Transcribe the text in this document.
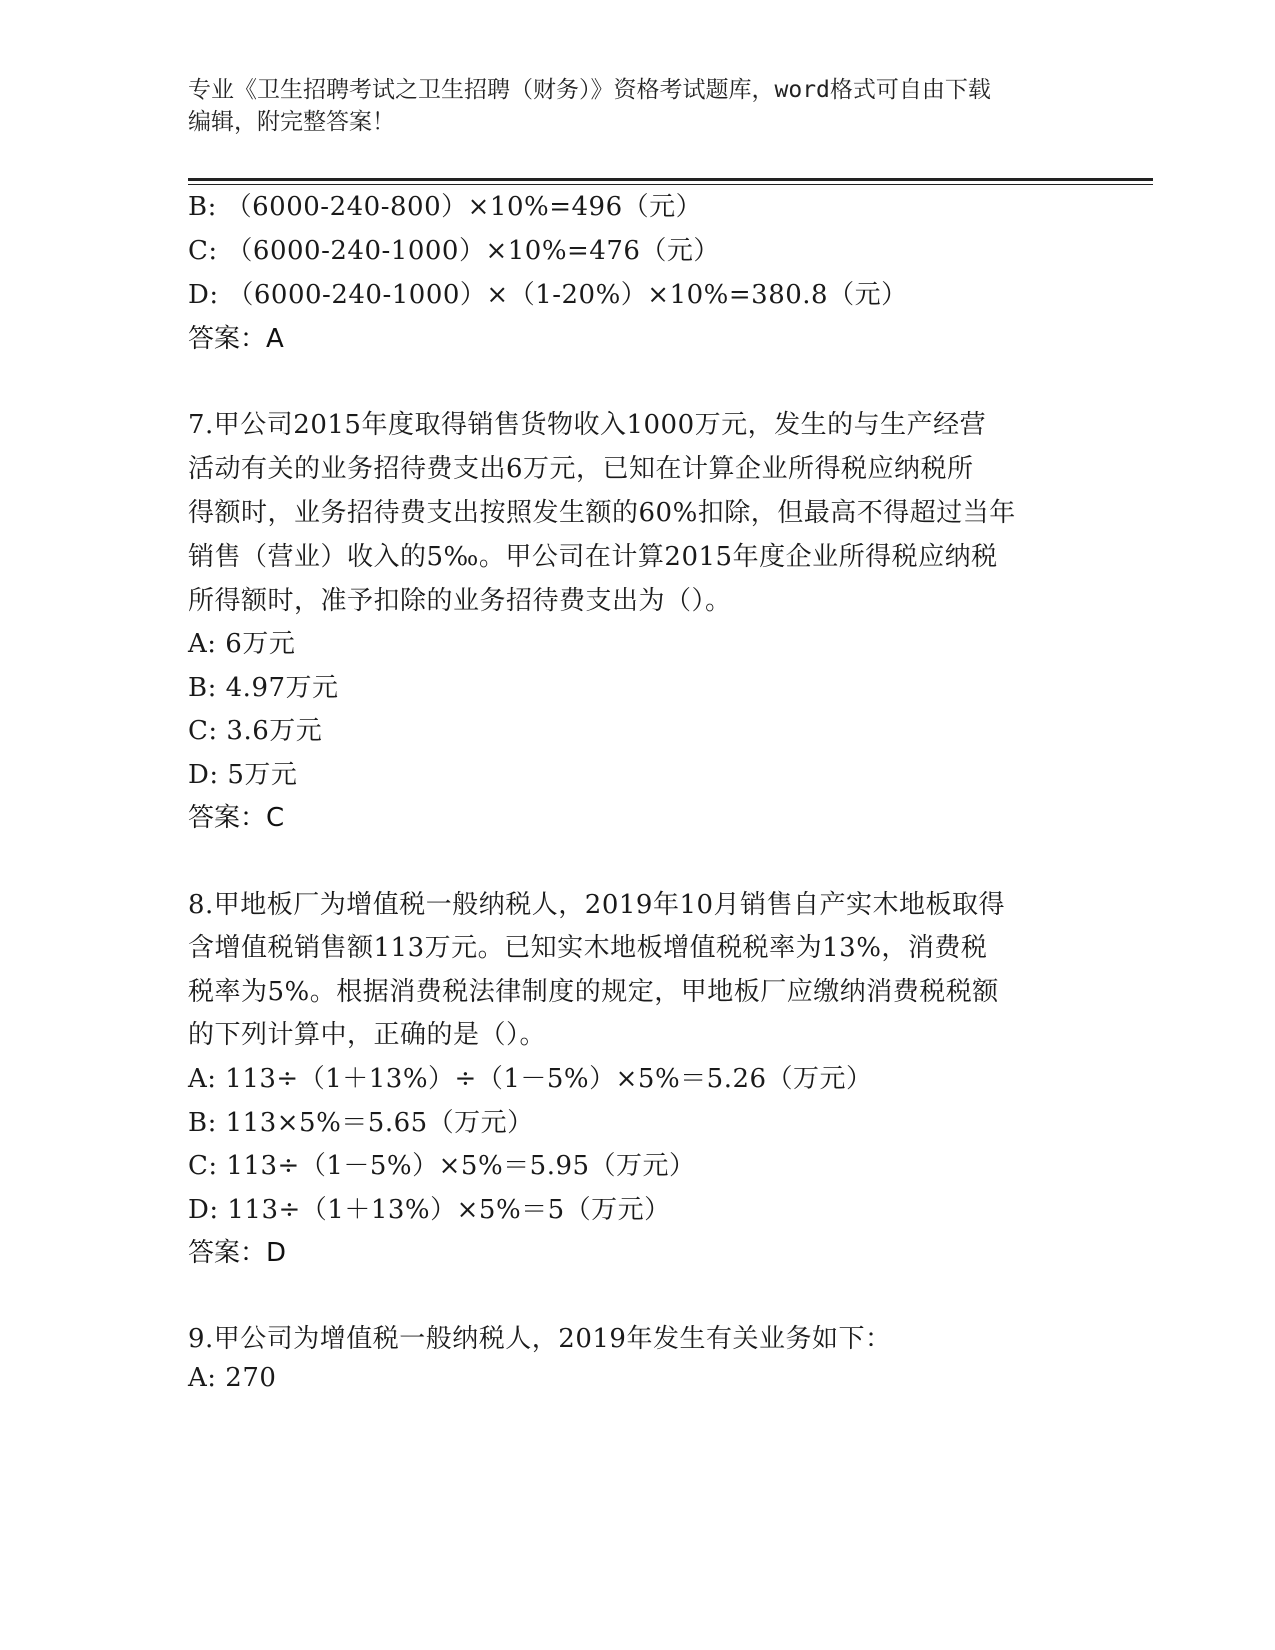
专业《卫生招聘考试之卫生招聘（财务）》资格考试题库，word格式可自由下载
编辑，附完整答案！
B: （6000-240-800）×10%=496（元）
C: （6000-240-1000）×10%=476（元）
D: （6000-240-1000）×（1-20%）×10%=380.8（元）
答案：A
7.甲公司2015年度取得销售货物收入1000万元，发生的与生产经营
活动有关的业务招待费支出6万元，已知在计算企业所得税应纳税所
得额时，业务招待费支出按照发生额的60%扣除，但最高不得超过当年
销售（营业）收入的5‰。甲公司在计算2015年度企业所得税应纳税
所得额时，准予扣除的业务招待费支出为（）。
A: 6万元
B: 4.97万元
C: 3.6万元
D: 5万元
答案：C
8.甲地板厂为增值税一般纳税人，2019年10月销售自产实木地板取得
含增值税销售额113万元。已知实木地板增值税税率为13%，消费税
税率为5%。根据消费税法律制度的规定，甲地板厂应缴纳消费税税额
的下列计算中，正确的是（）。
A: 113÷（1＋13%）÷（1－5%）×5%＝5.26（万元）
B: 113×5%＝5.65（万元）
C: 113÷（1－5%）×5%＝5.95（万元）
D: 113÷（1＋13%）×5%＝5（万元）
答案：D
9.甲公司为增值税一般纳税人，2019年发生有关业务如下：
A: 270
